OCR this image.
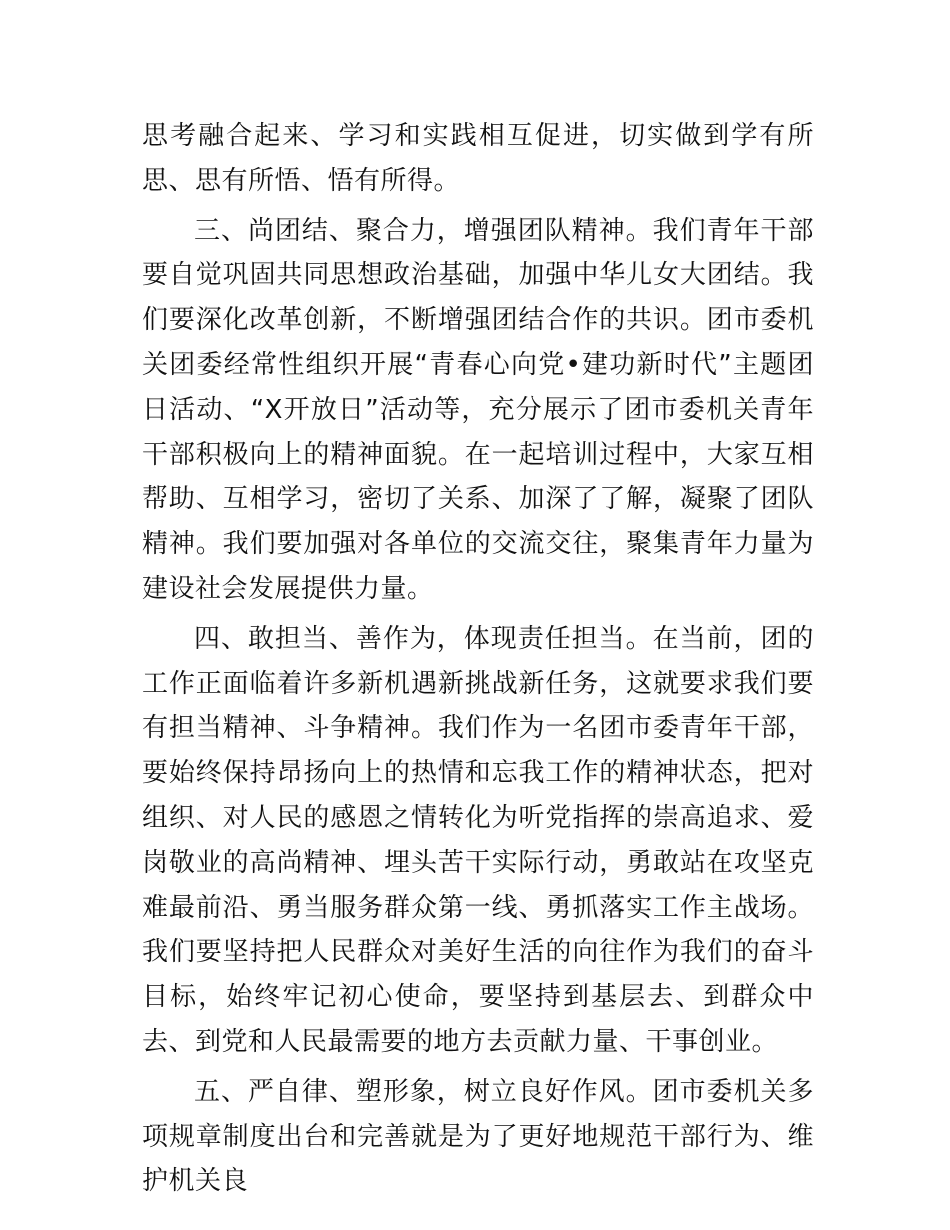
思考融合起来、学习和实践相互促进，切实做到学有所思、思有所悟、悟有所得。

三、尚团结、聚合力，增强团队精神。我们青年干部要自觉巩固共同思想政治基础，加强中华儿女大团结。我们要深化改革创新，不断增强团结合作的共识。团市委机关团委经常性组织开展“青春心向党•建功新时代”主题团日活动、“X开放日”活动等，充分展示了团市委机关青年干部积极向上的精神面貌。在一起培训过程中，大家互相帮助、互相学习，密切了关系、加深了了解，凝聚了团队精神。我们要加强对各单位的交流交往，聚集青年力量为建设社会发展提供力量。

四、敢担当、善作为，体现责任担当。在当前，团的工作正面临着许多新机遇新挑战新任务，这就要求我们要有担当精神、斗争精神。我们作为一名团市委青年干部，要始终保持昂扬向上的热情和忘我工作的精神状态，把对组织、对人民的感恩之情转化为听党指挥的崇高追求、爱岗敬业的高尚精神、埋头苦干实际行动，勇敢站在攻坚克难最前沿、勇当服务群众第一线、勇抓落实工作主战场。我们要坚持把人民群众对美好生活的向往作为我们的奋斗目标，始终牢记初心使命，要坚持到基层去、到群众中去、到党和人民最需要的地方去贡献力量、干事创业。

五、严自律、塑形象，树立良好作风。团市委机关多项规章制度出台和完善就是为了更好地规范干部行为、维护机关良
